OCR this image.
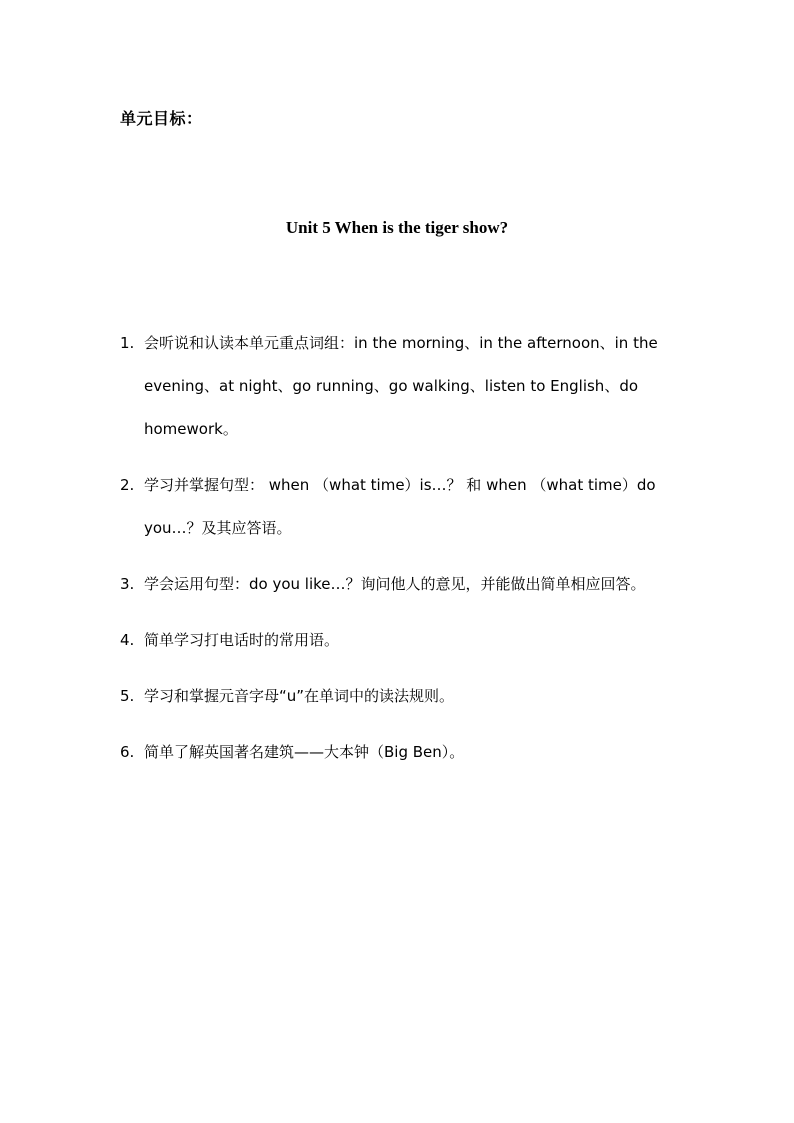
单元目标：
Unit 5 When is the tiger show?
1. 会听说和认读本单元重点词组：in the morning、in the afternoon、in the evening、at night、go running、go walking、listen to English、do homework。
2. 学习并掌握句型： when （what time）is…？ 和 when （what time）do you…？及其应答语。
3. 学会运用句型：do you like…？询问他人的意见，并能做出简单相应回答。
4. 简单学习打电话时的常用语。
5. 学习和掌握元音字母“u”在单词中的读法规则。
6. 简单了解英国著名建筑——大本钟（Big Ben）。
